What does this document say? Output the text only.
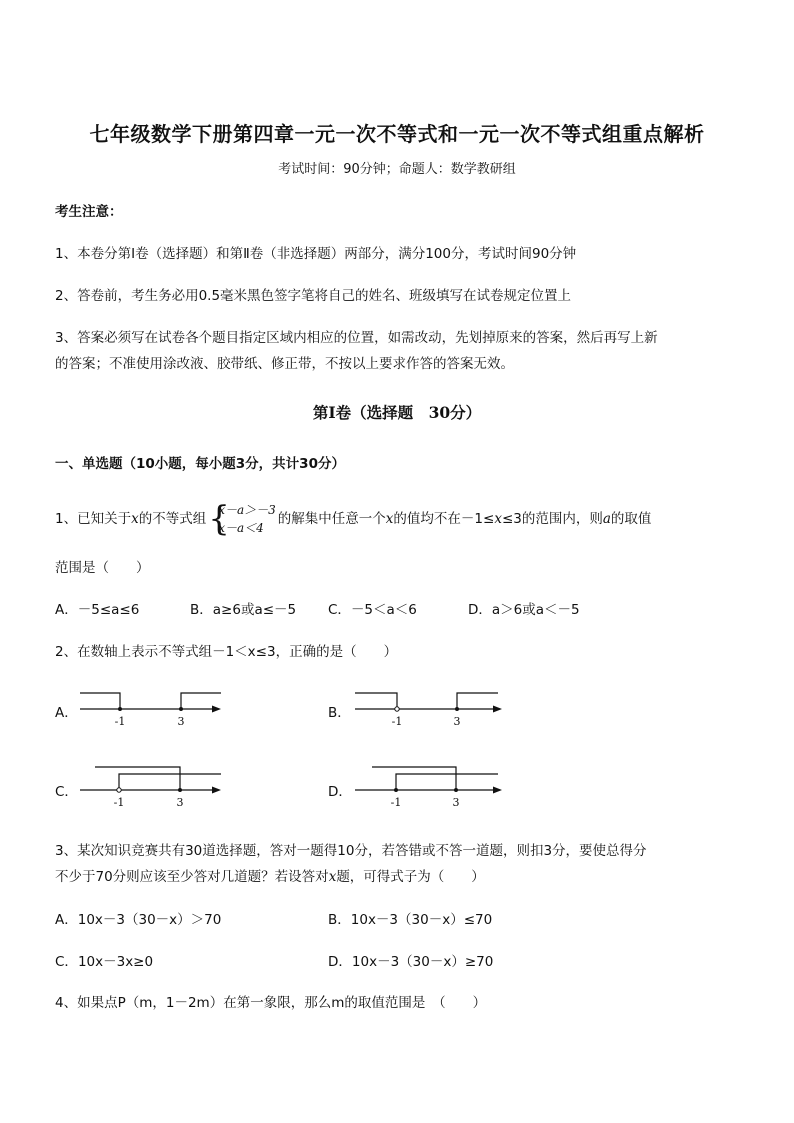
七年级数学下册第四章一元一次不等式和一元一次不等式组重点解析
考试时间：90分钟；命题人：数学教研组
考生注意：
1、本卷分第Ⅰ卷（选择题）和第Ⅱ卷（非选择题）两部分，满分100分，考试时间90分钟
2、答卷前，考生务必用0.5毫米黑色签字笔将自己的姓名、班级填写在试卷规定位置上
3、答案必须写在试卷各个题目指定区域内相应的位置，如需改动，先划掉原来的答案，然后再写上新
的答案；不准使用涂改液、胶带纸、修正带，不按以上要求作答的答案无效。
第Ⅰ卷（选择题　30分）
一、单选题（10小题，每小题3分，共计30分）
1、已知关于x的不等式组 {
x－a＞－3
x－a＜4
的解集中任意一个x的值均不在－1≤x≤3的范围内，则a的取值
范围是（　　）
A．－5≤a≤6	B．a≥6或a≤－5 C．－5＜a＜6	D．a＞6或a＜－5
2、在数轴上表示不等式组－1＜x≤3，正确的是（　　）
A．
-1	3
B．
-1	3
C．
-1	3
D．
-1	3
3、某次知识竞赛共有30道选择题，答对一题得10分，若答错或不答一道题，则扣3分，要使总得分
不少于70分则应该至少答对几道题？若设答对x题，可得式子为（　　）
A．10x－3（30－x）＞70	B．10x－3（30－x）≤70
C．10x－3x≥0	D．10x－3（30－x）≥70
4、如果点P（m，1－2m）在第一象限，那么m的取值范围是　（　　）
